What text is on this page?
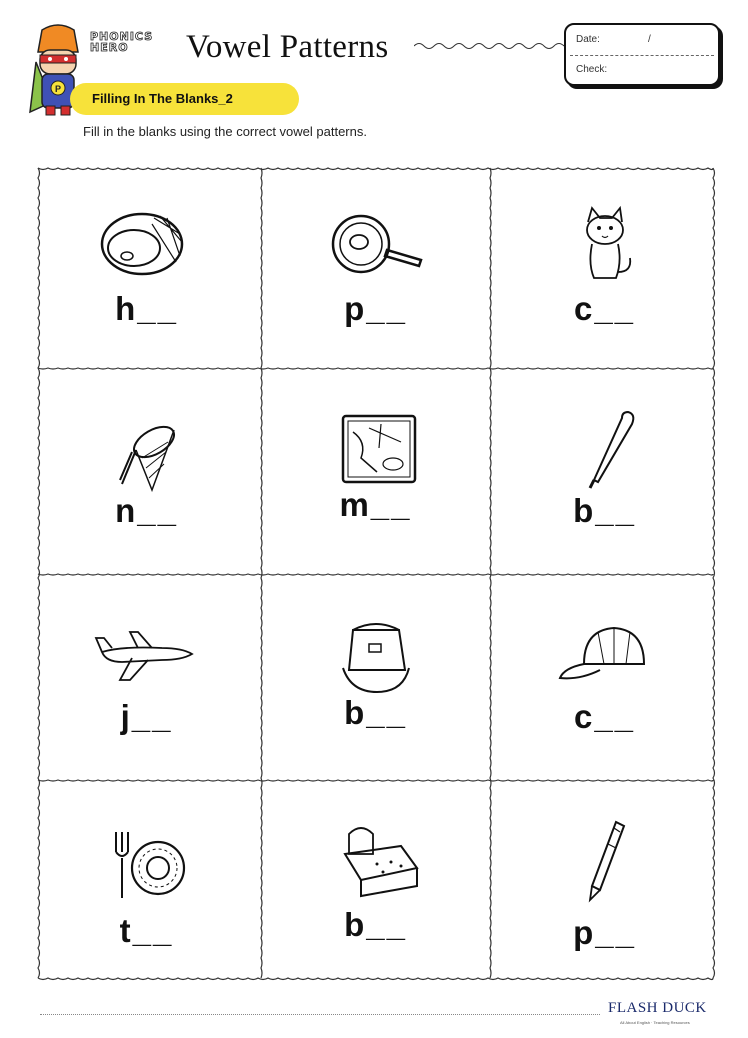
P
PHONICS
HERO	Vowel Patterns	Date:	/
Check:
Filling In The Blanks_2
Fill in the blanks using the correct vowel patterns.
h__	p__	c__
n__	m__	b__
j__	b__	c__
t__	b__	p__
FLASH DUCK
All About English · Teaching Resources
